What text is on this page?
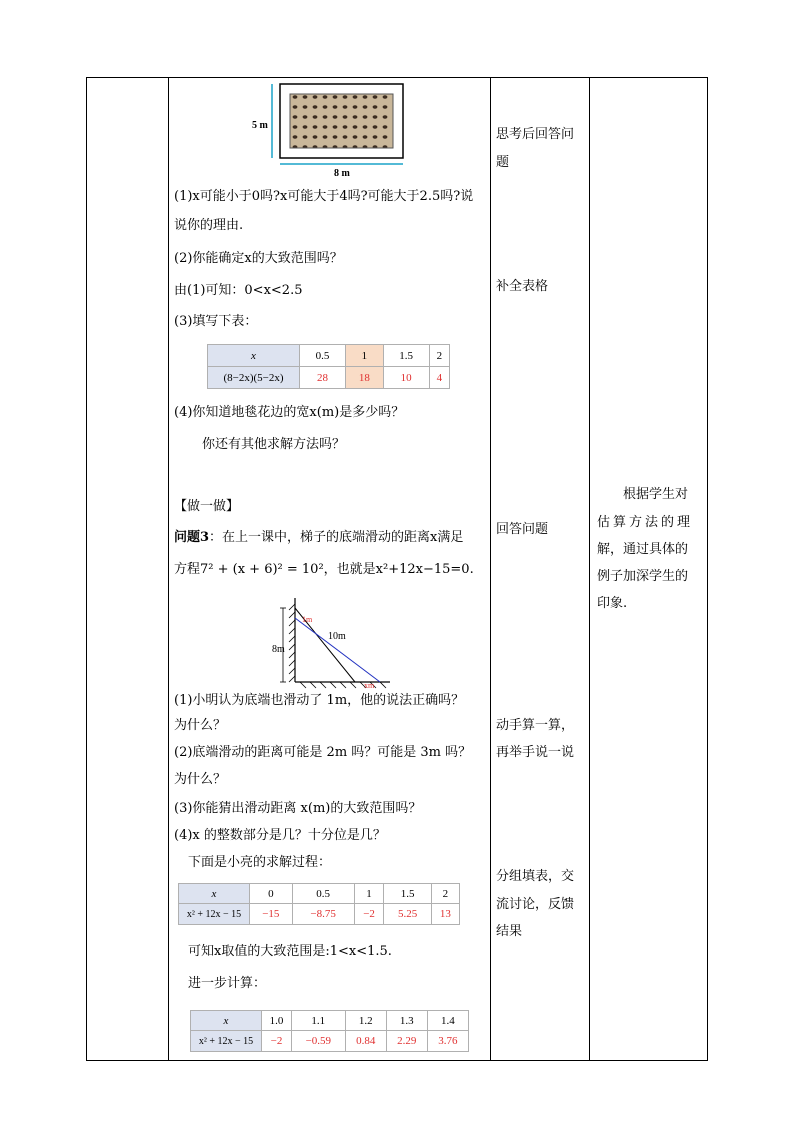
5 m
8 m
(1)x可能小于0吗?x可能大于4吗?可能大于2.5吗?说
说你的理由.
(2)你能确定x的大致范围吗？
由(1)可知：0<x<2.5
(3)填写下表：
x	0.5	1	1.5	2
(8−2x)(5−2x)	28	18	10	4
(4)你知道地毯花边的宽x(m)是多少吗？
你还有其他求解方法吗？
【做一做】
问题3：在上一课中，梯子的底端滑动的距离x满足
方程7² + (x + 6)² = 10²，也就是x²+12x−15=0.
1m
10m
8m
xm
(1)小明认为底端也滑动了 1m，他的说法正确吗？
为什么？
(2)底端滑动的距离可能是 2m 吗？可能是 3m 吗？
为什么？
(3)你能猜出滑动距离 x(m)的大致范围吗？
(4)x 的整数部分是几？十分位是几？
下面是小亮的求解过程：
x	0	0.5	1	1.5	2
x² + 12x − 15	−15	−8.75	−2	5.25	13
可知x取值的大致范围是:1<x<1.5.
进一步计算：
x	1.0	1.1	1.2	1.3	1.4
x² + 12x − 15	−2	−0.59	0.84	2.29	3.76
思考后回答问
题
补全表格
回答问题
动手算一算，
再举手说一说
分组填表，交
流讨论，反馈
结果
根据学生对
估算方法的理
解，通过具体的
例子加深学生的
印象.
